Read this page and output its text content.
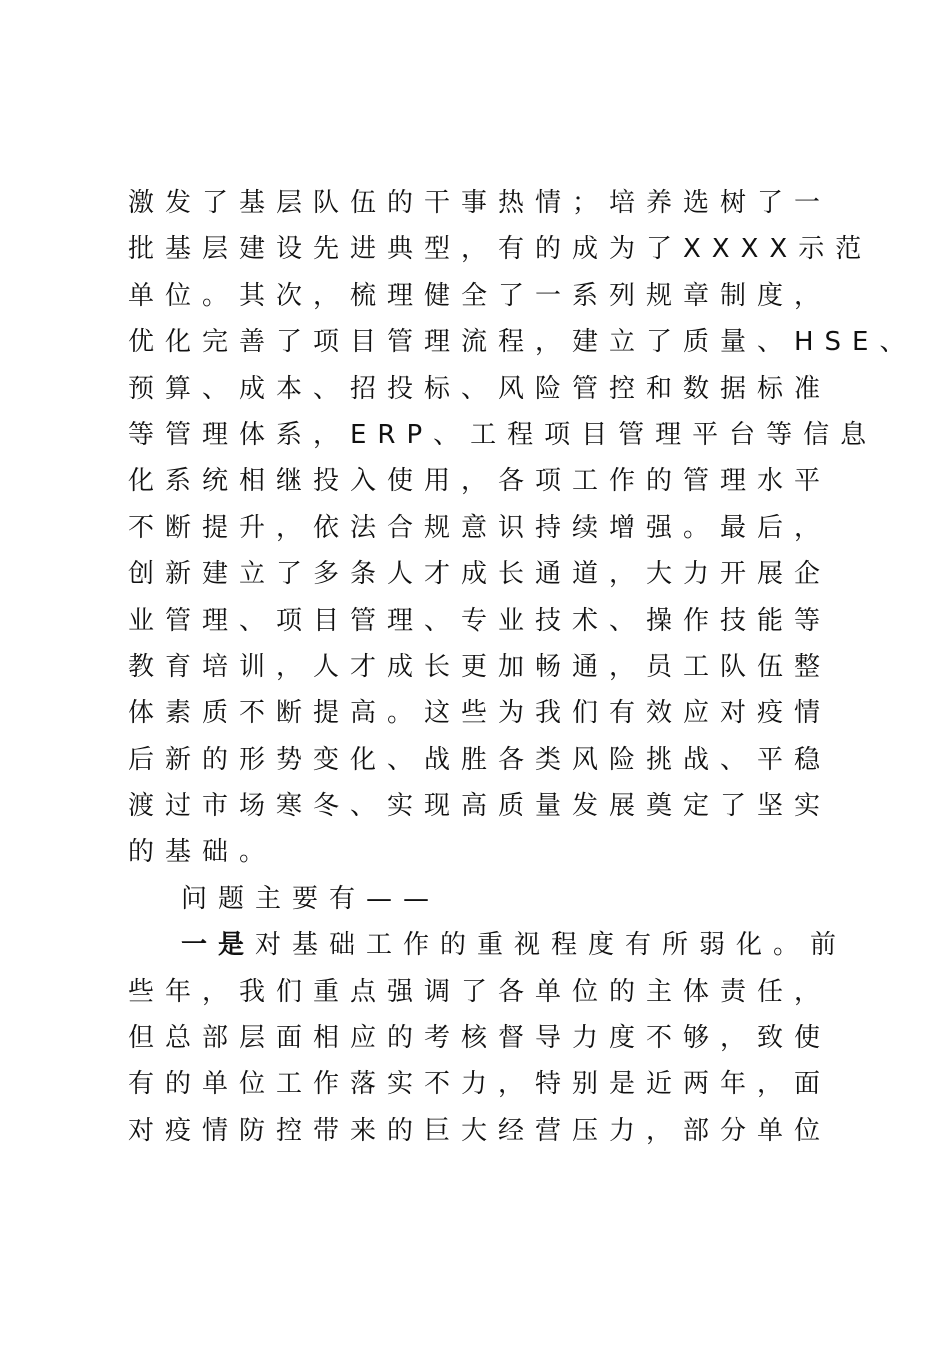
激发了基层队伍的干事热情；培养选树了一
批基层建设先进典型，有的成为了XXXX示范
单位。其次，梳理健全了一系列规章制度，
优化完善了项目管理流程，建立了质量、HSE、
预算、成本、招投标、风险管控和数据标准
等管理体系，ERP、工程项目管理平台等信息
化系统相继投入使用，各项工作的管理水平
不断提升，依法合规意识持续增强。最后，
创新建立了多条人才成长通道，大力开展企
业管理、项目管理、专业技术、操作技能等
教育培训，人才成长更加畅通，员工队伍整
体素质不断提高。这些为我们有效应对疫情
后新的形势变化、战胜各类风险挑战、平稳
渡过市场寒冬、实现高质量发展奠定了坚实
的基础。
问题主要有——
一是对基础工作的重视程度有所弱化。前
些年，我们重点强调了各单位的主体责任，
但总部层面相应的考核督导力度不够，致使
有的单位工作落实不力，特别是近两年，面
对疫情防控带来的巨大经营压力，部分单位
